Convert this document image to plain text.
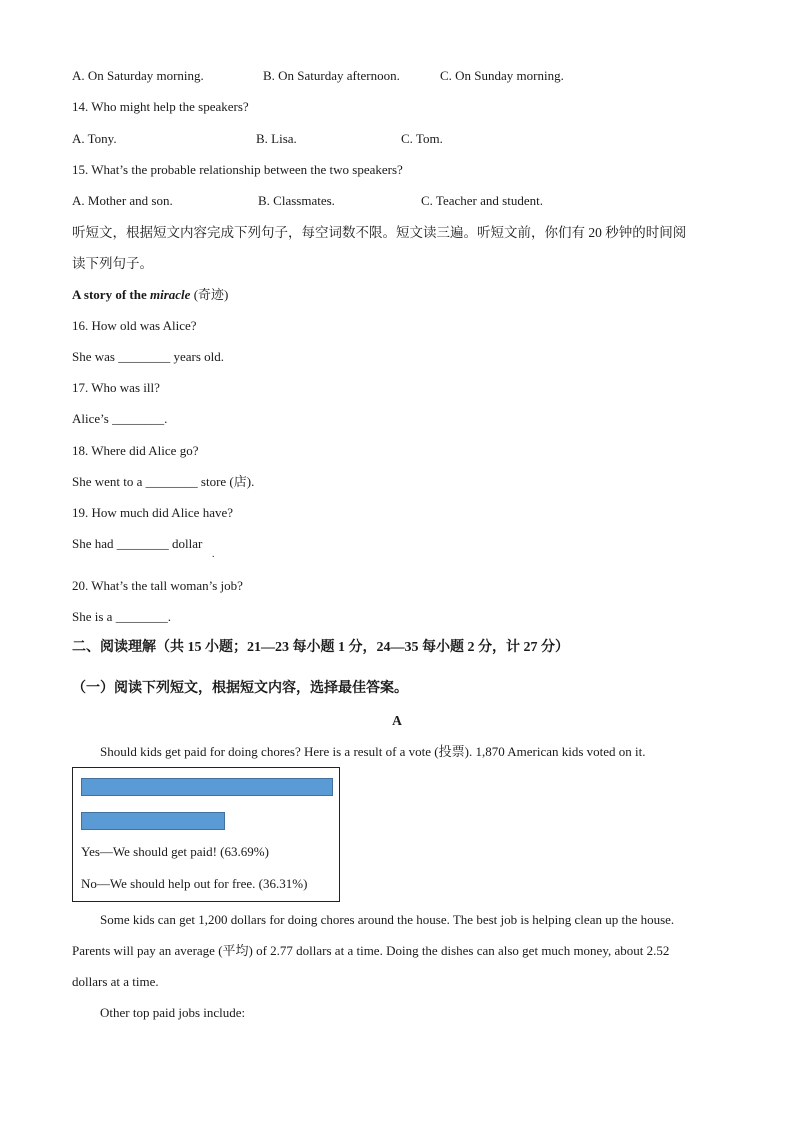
A. On Saturday morning.	B. On Saturday afternoon.	C. On Sunday morning.
14. Who might help the speakers?
A. Tony.	B. Lisa.	C. Tom.
15. What’s the probable relationship between the two speakers?
A. Mother and son.	B. Classmates.	C. Teacher and student.
听短文，根据短文内容完成下列句子，每空词数不限。短文读三遍。听短文前，你们有 20 秒钟的时间阅
读下列句子。
A story of the miracle (奇迹)
16. How old was Alice?
She was ________ years old.
17. Who was ill?
Alice’s ________.
18. Where did Alice go?
She went to a ________ store (店).
19. How much did Alice have?
She had ________ dollar
.
20. What’s the tall woman’s job?
She is a ________.
二、阅读理解（共 15 小题；21—23 每小题 1 分，24—35 每小题 2 分，计 27 分）
（一）阅读下列短文，根据短文内容，选择最佳答案。
A
Should kids get paid for doing chores? Here is a result of a vote (投票). 1,870 American kids voted on it.
Yes—We should get paid! (63.69%)
No—We should help out for free. (36.31%)
Some kids can get 1,200 dollars for doing chores around the house. The best job is helping clean up the house.
Parents will pay an average (平均) of 2.77 dollars at a time. Doing the dishes can also get much money, about 2.52
dollars at a time.
Other top paid jobs include:
